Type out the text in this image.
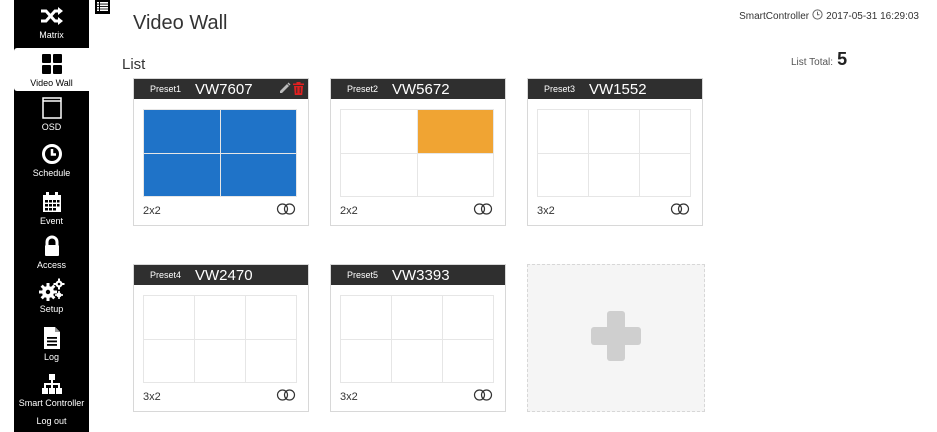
Matrix
Video Wall
OSD
Schedule
Event
Access
Setup
Log
Smart Controller
Log out
Video Wall	SmartController 2017-05-31 16:29:03
List	List Total: 5
Preset1 VW7607
2x2
Preset2 VW5672
2x2
Preset3 VW1552
3x2
Preset4 VW2470
3x2
Preset5 VW3393
3x2
